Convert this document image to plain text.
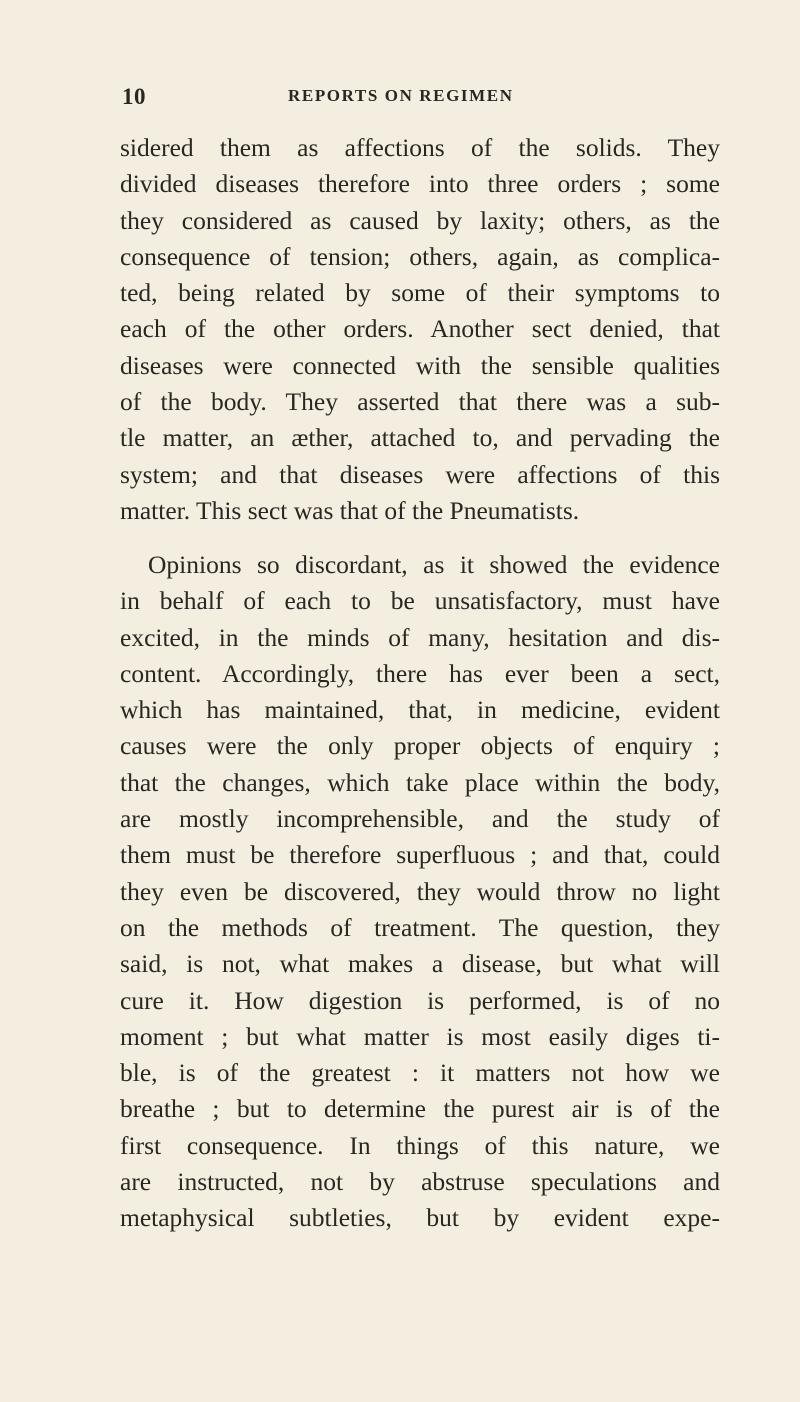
10	REPORTS ON REGIMEN
sidered them as affections of the solids. They
divided diseases therefore into three orders ; some
they considered as caused by laxity; others, as the
consequence of tension; others, again, as complica-
ted, being related by some of their symptoms to
each of the other orders. Another sect denied, that
diseases were connected with the sensible qualities
of the body. They asserted that there was a sub-
tle matter, an æther, attached to, and pervading the
system; and that diseases were affections of this
matter. This sect was that of the Pneumatists.
Opinions so discordant, as it showed the evidence
in behalf of each to be unsatisfactory, must have
excited, in the minds of many, hesitation and dis-
content. Accordingly, there has ever been a sect,
which has maintained, that, in medicine, evident
causes were the only proper objects of enquiry ;
that the changes, which take place within the body,
are mostly incomprehensible, and the study of
them must be therefore superfluous ; and that, could
they even be discovered, they would throw no light
on the methods of treatment. The question, they
said, is not, what makes a disease, but what will
cure it. How digestion is performed, is of no
moment ; but what matter is most easily diges ti-
ble, is of the greatest : it matters not how we
breathe ; but to determine the purest air is of the
first consequence. In things of this nature, we
are instructed, not by abstruse speculations and
metaphysical subtleties, but by evident expe-
